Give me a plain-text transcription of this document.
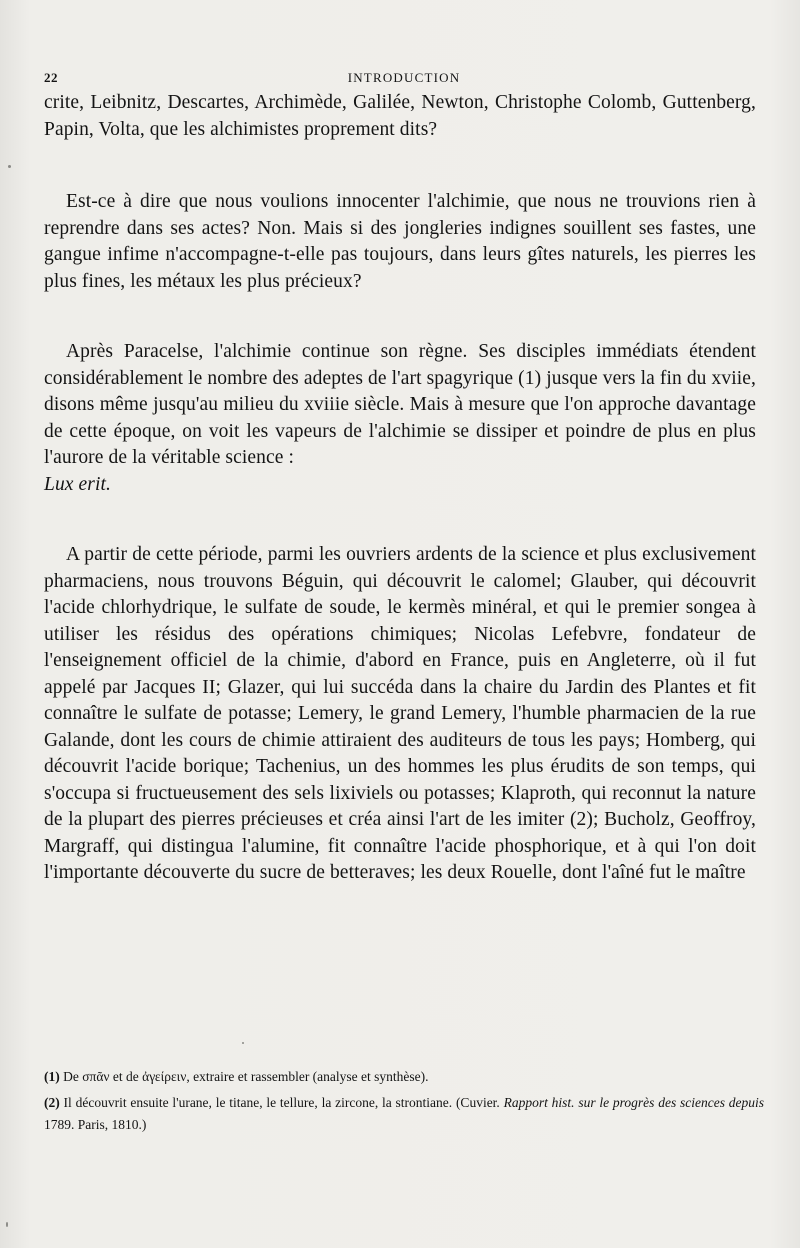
22	INTRODUCTION

crite, Leibnitz, Descartes, Archimède, Galilée, Newton, Christophe Colomb, Guttenberg, Papin, Volta, que les alchimistes proprement dits?

Est-ce à dire que nous voulions innocenter l'alchimie, que nous ne trouvions rien à reprendre dans ses actes? Non. Mais si des jongleries indignes souillent ses fastes, une gangue infime n'accompagne-t-elle pas toujours, dans leurs gîtes naturels, les pierres les plus fines, les métaux les plus précieux?

Après Paracelse, l'alchimie continue son règne. Ses disciples immédiats étendent considérablement le nombre des adeptes de l'art spagyrique (1) jusque vers la fin du xviie, disons même jusqu'au milieu du xviiie siècle. Mais à mesure que l'on approche davantage de cette époque, on voit les vapeurs de l'alchimie se dissiper et poindre de plus en plus l'aurore de la véritable science :
Lux erit.

A partir de cette période, parmi les ouvriers ardents de la science et plus exclusivement pharmaciens, nous trouvons Béguin, qui découvrit le calomel; Glauber, qui découvrit l'acide chlorhydrique, le sulfate de soude, le kermès minéral, et qui le premier songea à utiliser les résidus des opérations chimiques; Nicolas Lefebvre, fondateur de l'enseignement officiel de la chimie, d'abord en France, puis en Angleterre, où il fut appelé par Jacques II; Glazer, qui lui succéda dans la chaire du Jardin des Plantes et fit connaître le sulfate de potasse; Lemery, le grand Lemery, l'humble pharmacien de la rue Galande, dont les cours de chimie attiraient des auditeurs de tous les pays; Homberg, qui découvrit l'acide borique; Tachenius, un des hommes les plus érudits de son temps, qui s'occupa si fructueusement des sels lixiviels ou potasses; Klaproth, qui reconnut la nature de la plupart des pierres précieuses et créa ainsi l'art de les imiter (2); Bucholz, Geoffroy, Margraff, qui distingua l'alumine, fit connaître l'acide phosphorique, et à qui l'on doit l'importante découverte du sucre de betteraves; les deux Rouelle, dont l'aîné fut le maître

(1) De σπᾶν et de ἀγείρειν, extraire et rassembler (analyse et synthèse).

(2) Il découvrit ensuite l'urane, le titane, le tellure, la zircone, la strontiane. (Cuvier. Rapport hist. sur le progrès des sciences depuis 1789. Paris, 1810.)
